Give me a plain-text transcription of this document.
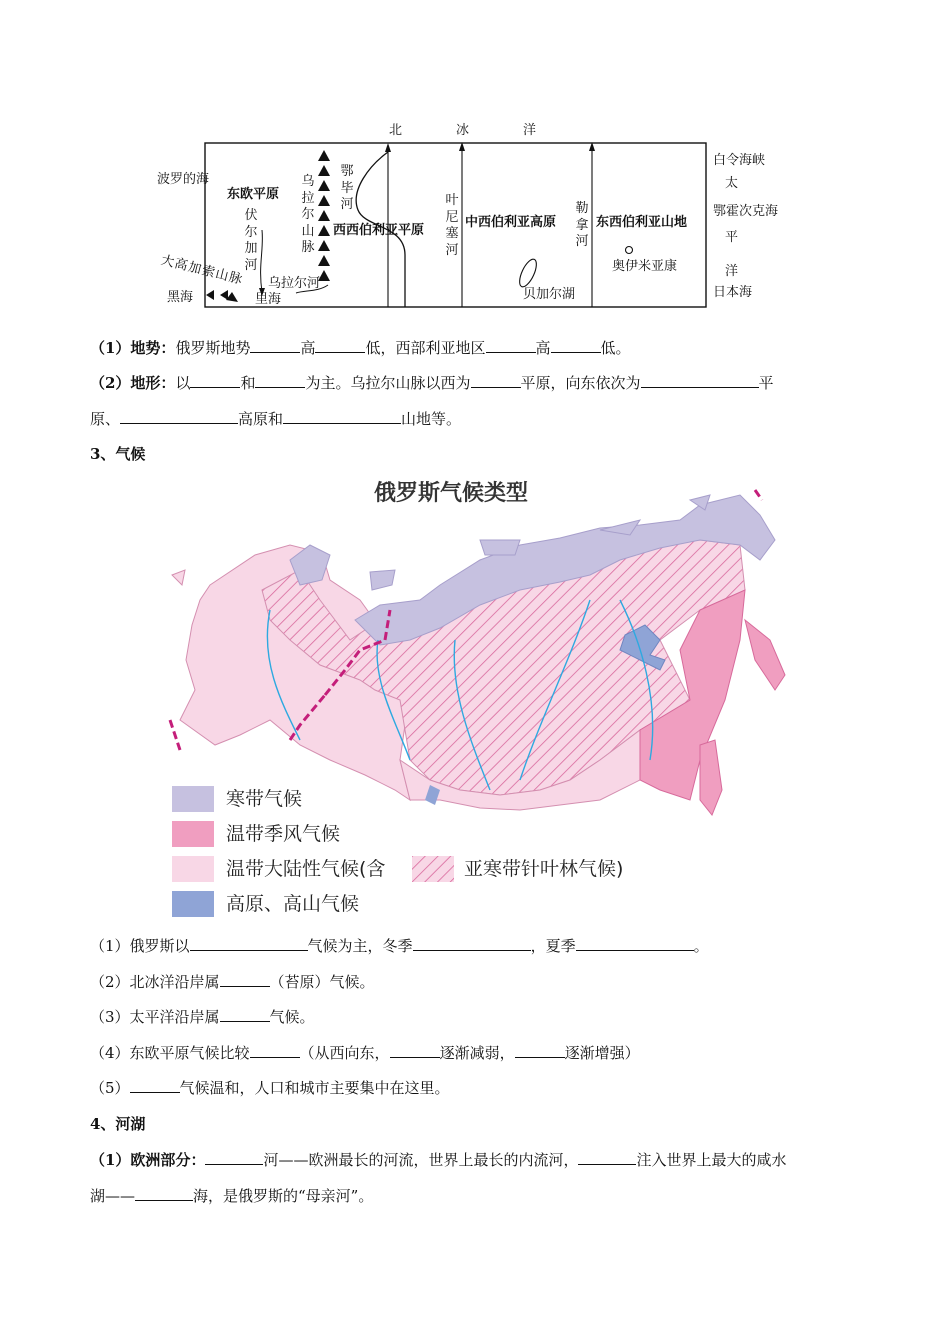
北	冰	洋
波罗的海
东欧平原
伏尔加河
乌拉尔山脉
乌拉尔河
鄂毕河
西西伯利亚平原
叶尼塞河
中西伯利亚高原
勒拿河
贝加尔湖
东西伯利亚山地
奥伊米亚康
大高加索山脉
黑海	里海
白令海峡
太
鄂霍次克海
平
洋
日本海
（1）地势：俄罗斯地势	高	低，西部利亚地区	高	低。
（2）地形：以	和	为主。乌拉尔山脉以西为	平原，向东依次为	平
原、	高原和	山地等。
3、气候
俄罗斯气候类型
寒带气候
温带季风气候
温带大陆性气候(含	亚寒带针叶林气候)
高原、高山气候
（1）俄罗斯以	气候为主，冬季	，夏季	。
（2）北冰洋沿岸属	（苔原）气候。
（3）太平洋沿岸属	气候。
（4）东欧平原气候比较	（从西向东，	逐渐减弱，	逐渐增强）
（5）	气候温和，人口和城市主要集中在这里。
4、河湖
（1）欧洲部分：	河——欧洲最长的河流，世界上最长的内流河，	注入世界上最大的咸水
湖——	海，是俄罗斯的“母亲河”。
